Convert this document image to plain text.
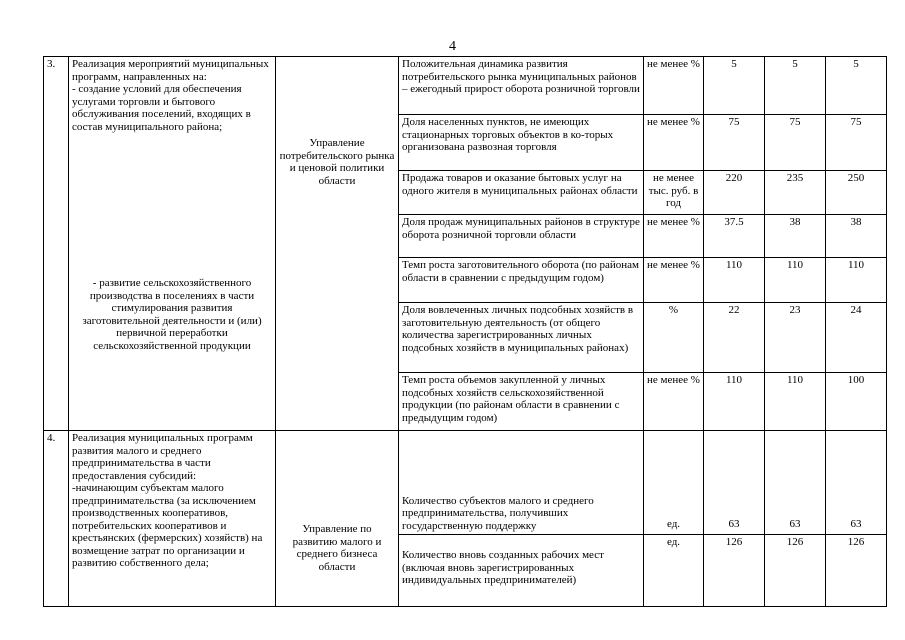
4
3.	Реализация мероприятий муниципальных программ, направленных на:
- создание условий для обеспечения услугами торговли и бытового обслуживания поселений, входящих в состав муниципального района;
- развитие сельскохозяйственного производства в поселениях в части стимулирования развития заготовительной деятельности и (или) первичной переработки сельскохозяйственной продукции	Управление потребительского рынка и ценовой политики области	Положительная динамика развития потребительского рынка муниципальных районов – ежегодный прирост оборота розничной торговли	не менее %	5	5	5
			Доля населенных пунктов, не имеющих стационарных торговых объектов в ко-торых организована развозная торговля	не менее %	75	75	75
			Продажа товаров и оказание бытовых услуг на одного жителя в муниципальных районах области	не менее тыс. руб. в год	220	235	250
			Доля продаж муниципальных районов в структуре оборота розничной торговли области	не менее %	37.5	38	38
			Темп роста заготовительного оборота (по районам области в сравнении с предыдущим годом)	не менее %	110	110	110
			Доля вовлеченных личных подсобных хозяйств в заготовительную деятельность (от общего количества зарегистрированных личных подсобных хозяйств в муниципальных районах)	%	22	23	24
			Темп роста объемов закупленной у личных подсобных хозяйств сельскохозяйственной продукции (по районам области в сравнении с предыдущим годом)	не менее %	110	110	100
4.	Реализация муниципальных программ развития малого и среднего предпринимательства в части предоставления субсидий:
-начинающим субъектам малого предпринимательства (за исключением производственных кооперативов, потребительских кооперативов и крестьянских (фермерских) хозяйств) на возмещение затрат по организации и развитию собственного дела;	Управление по развитию малого и среднего бизнеса области	Количество субъектов малого и среднего предпринимательства, получивших государственную поддержку	ед.	63	63	63
			Количество вновь созданных рабочих мест (включая вновь зарегистрированных индивидуальных предпринимателей)	ед.	126	126	126
